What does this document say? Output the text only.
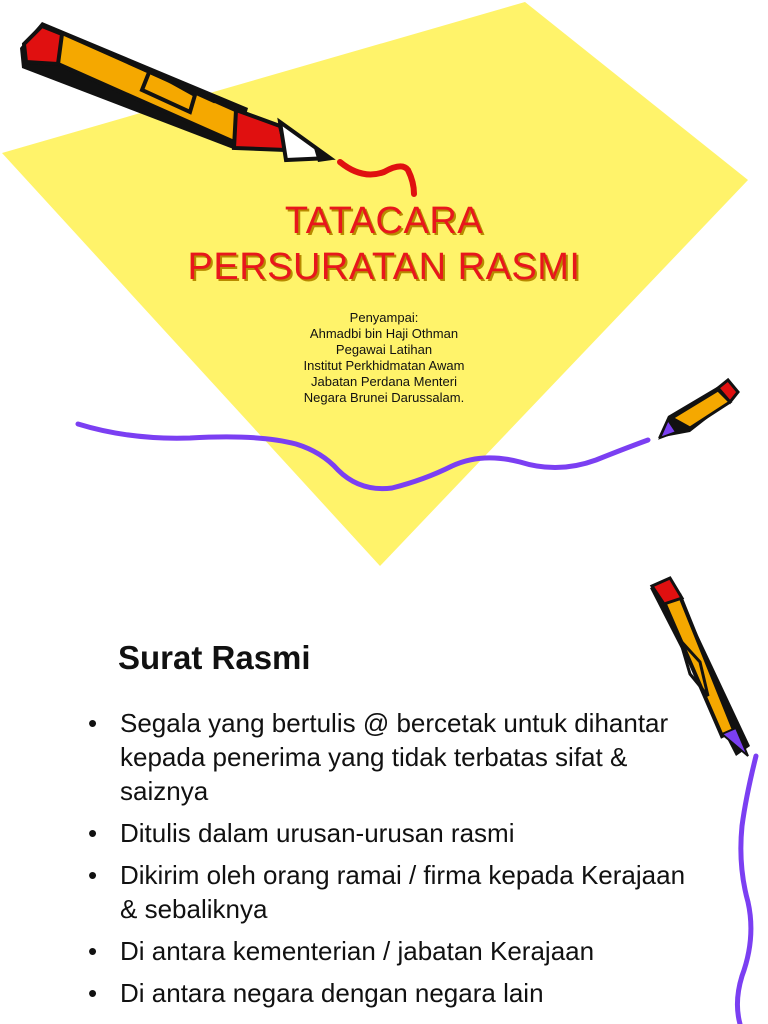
TATACARA
PERSURATAN RASMI
Penyampai:
Ahmadbi bin Haji Othman
Pegawai Latihan
Institut Perkhidmatan Awam
Jabatan Perdana Menteri
Negara Brunei Darussalam.
Surat Rasmi
• Segala yang bertulis @ bercetak untuk dihantar kepada penerima yang tidak terbatas sifat & saiznya
• Ditulis dalam urusan-urusan rasmi
• Dikirim oleh orang ramai / firma kepada Kerajaan & sebaliknya
• Di antara kementerian / jabatan Kerajaan
• Di antara negara dengan negara lain
